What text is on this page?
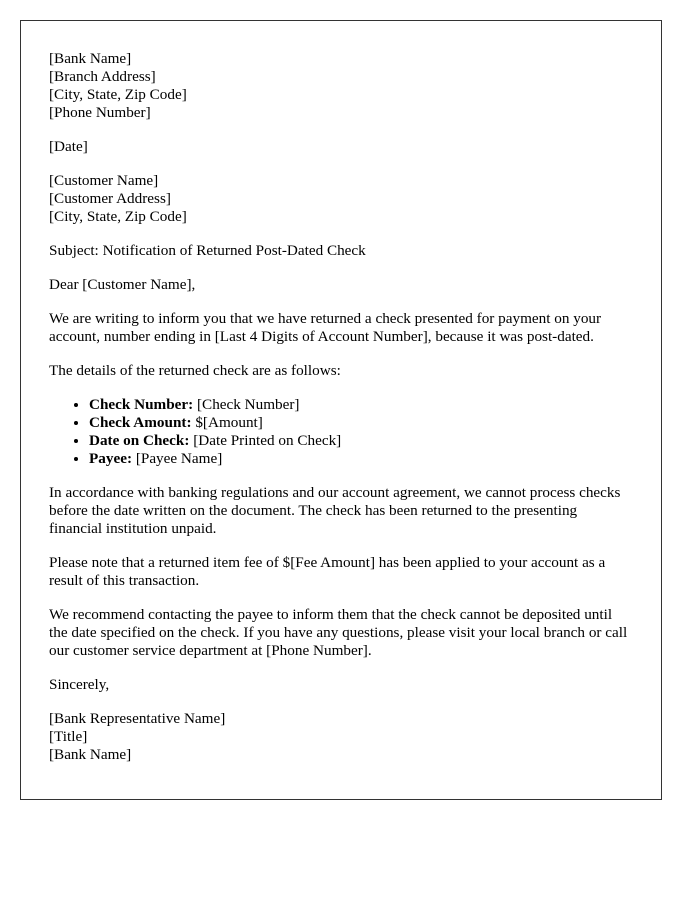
[Bank Name]
[Branch Address]
[City, State, Zip Code]
[Phone Number]

[Date]

[Customer Name]
[Customer Address]
[City, State, Zip Code]

Subject: Notification of Returned Post-Dated Check

Dear [Customer Name],

We are writing to inform you that we have returned a check presented for payment on your account, number ending in [Last 4 Digits of Account Number], because it was post-dated.

The details of the returned check are as follows:

• Check Number: [Check Number]
• Check Amount: $[Amount]
• Date on Check: [Date Printed on Check]
• Payee: [Payee Name]

In accordance with banking regulations and our account agreement, we cannot process checks before the date written on the document. The check has been returned to the presenting financial institution unpaid.

Please note that a returned item fee of $[Fee Amount] has been applied to your account as a result of this transaction.

We recommend contacting the payee to inform them that the check cannot be deposited until the date specified on the check. If you have any questions, please visit your local branch or call our customer service department at [Phone Number].

Sincerely,

[Bank Representative Name]
[Title]
[Bank Name]
